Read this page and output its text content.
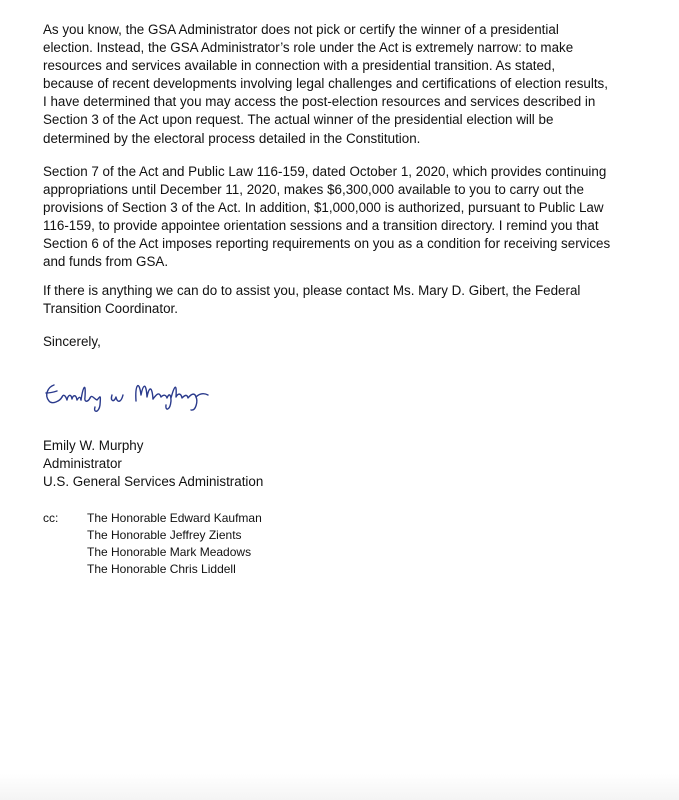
As you know, the GSA Administrator does not pick or certify the winner of a presidential
election. Instead, the GSA Administrator’s role under the Act is extremely narrow: to make
resources and services available in connection with a presidential transition. As stated,
because of recent developments involving legal challenges and certifications of election results,
I have determined that you may access the post-election resources and services described in
Section 3 of the Act upon request. The actual winner of the presidential election will be
determined by the electoral process detailed in the Constitution.

Section 7 of the Act and Public Law 116-159, dated October 1, 2020, which provides continuing
appropriations until December 11, 2020, makes $6,300,000 available to you to carry out the
provisions of Section 3 of the Act. In addition, $1,000,000 is authorized, pursuant to Public Law
116-159, to provide appointee orientation sessions and a transition directory. I remind you that
Section 6 of the Act imposes reporting requirements on you as a condition for receiving services
and funds from GSA.

If there is anything we can do to assist you, please contact Ms. Mary D. Gibert, the Federal
Transition Coordinator.

Sincerely,

Emily W. Murphy
Administrator
U.S. General Services Administration

cc:	The Honorable Edward Kaufman
The Honorable Jeffrey Zients
The Honorable Mark Meadows
The Honorable Chris Liddell
